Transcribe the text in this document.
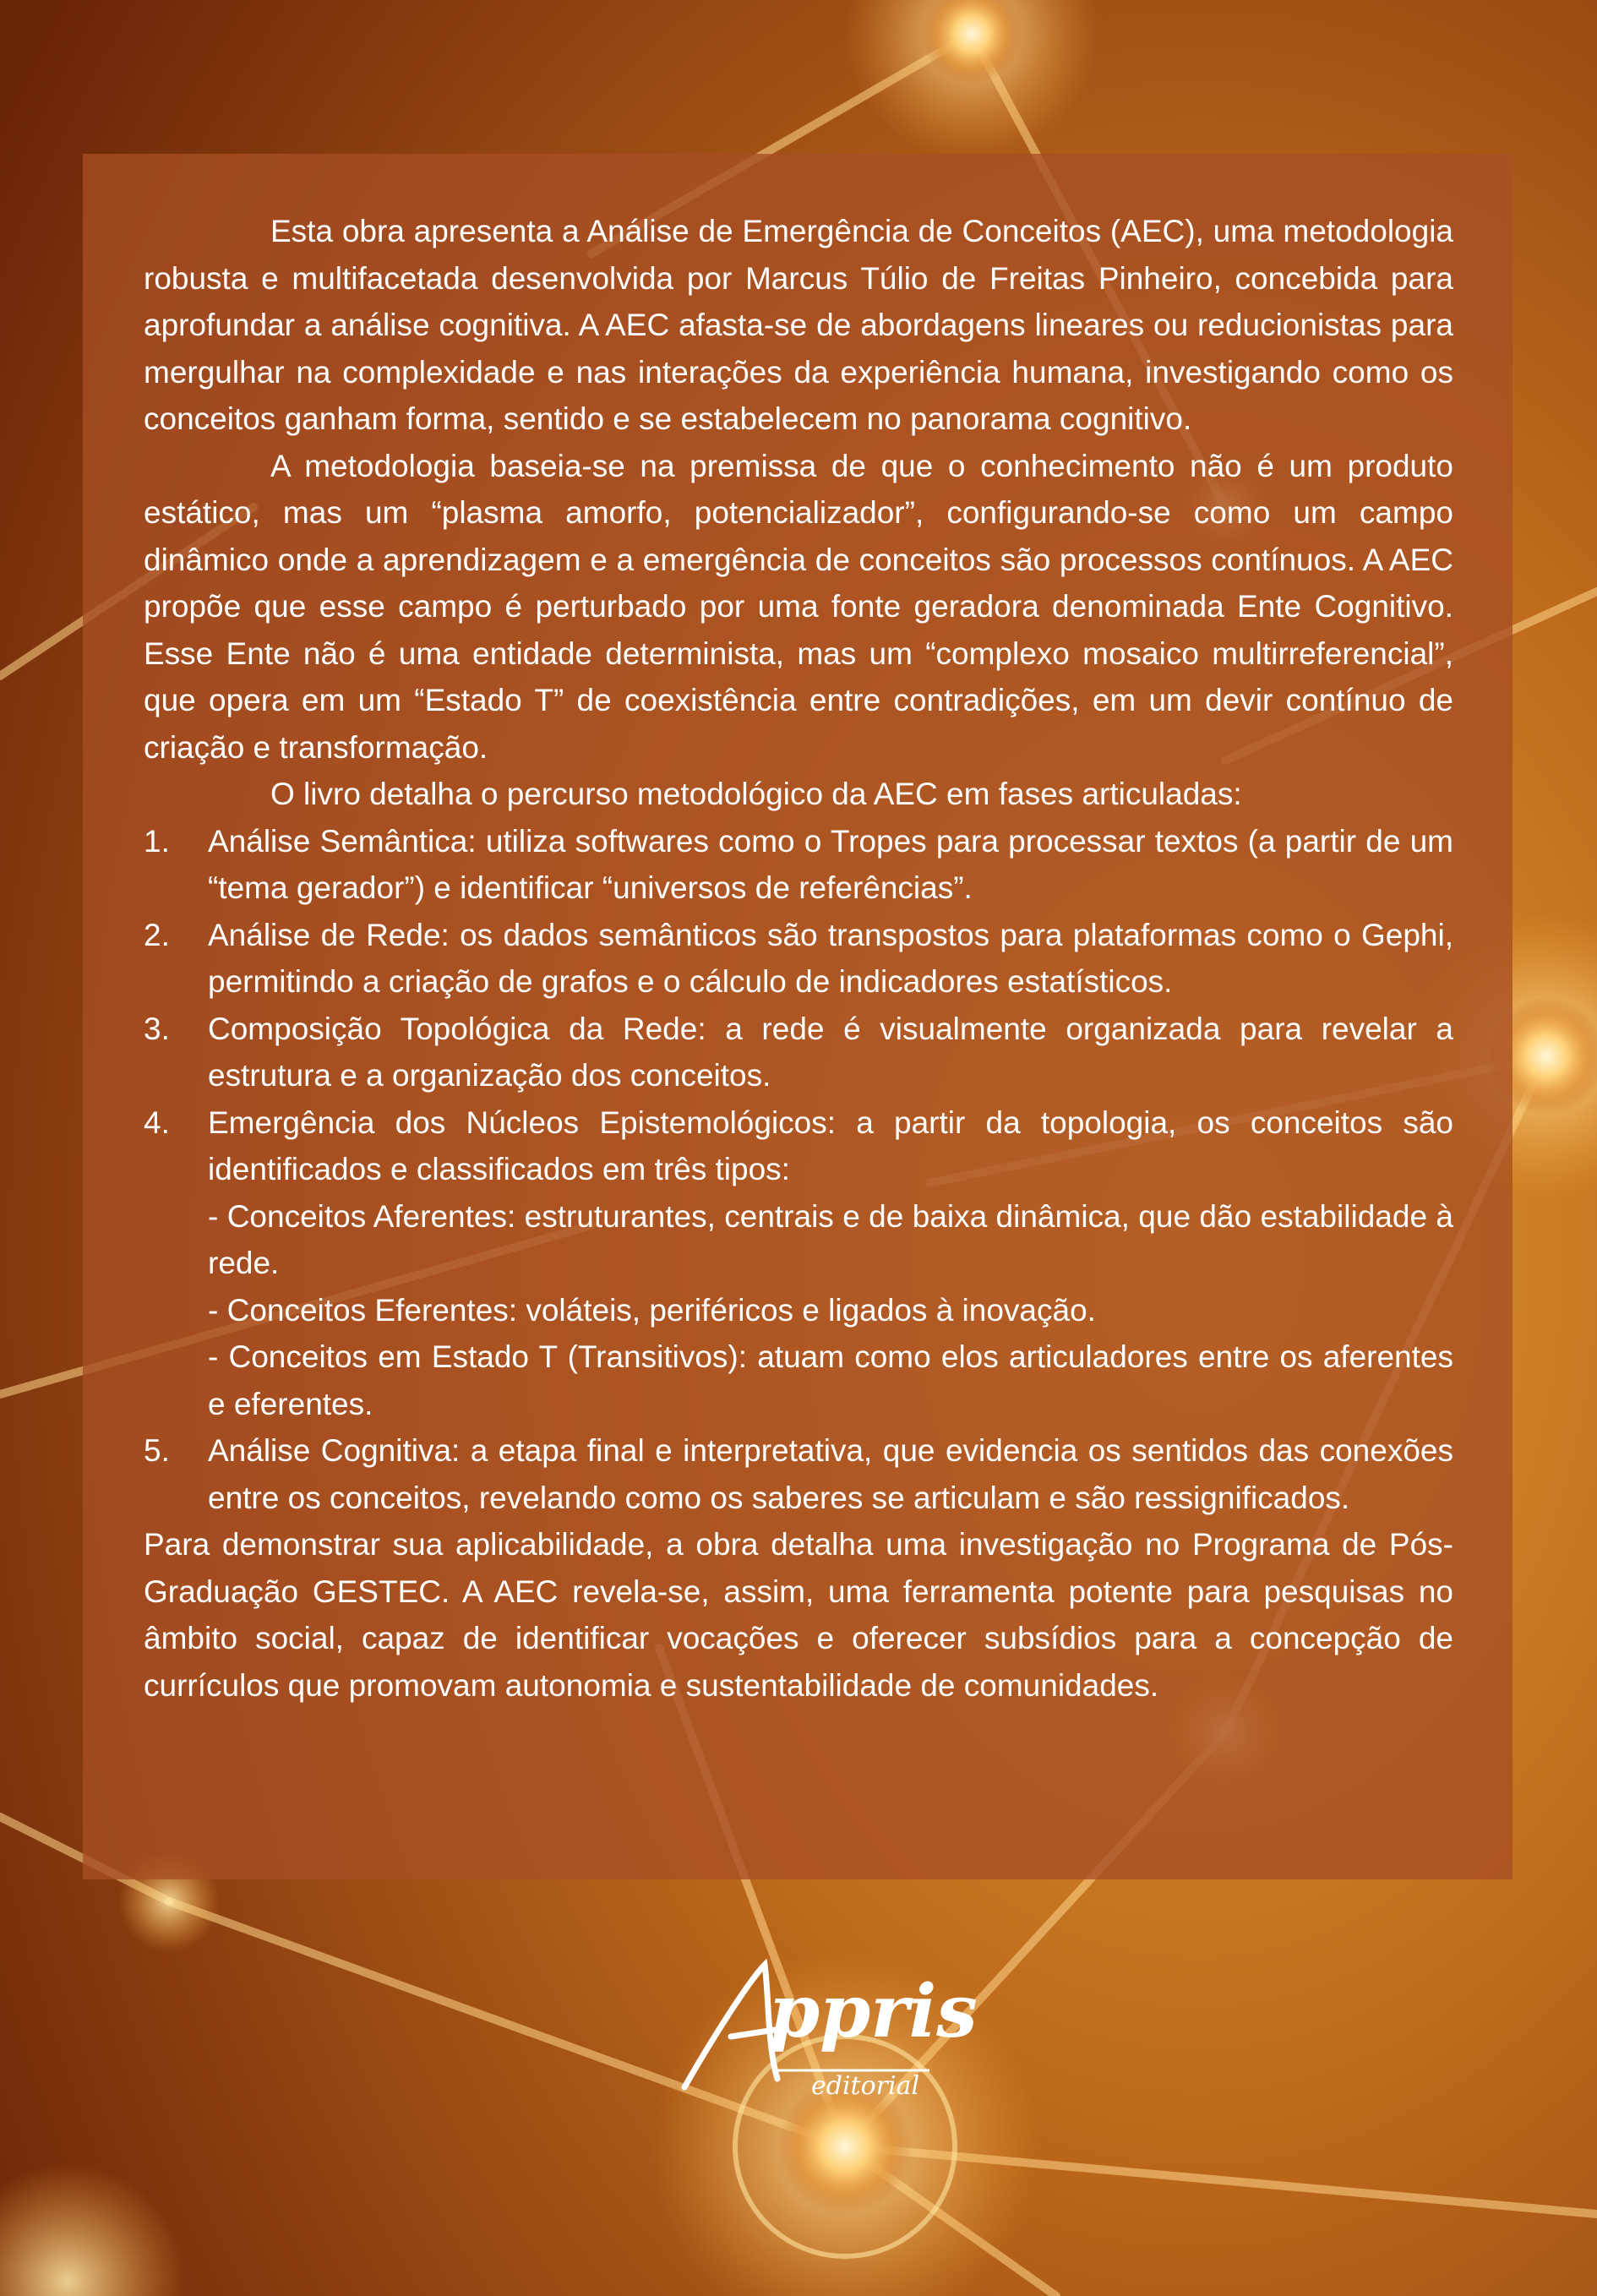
Esta obra apresenta a Análise de Emergência de Conceitos (AEC), uma metodologia robusta e multifacetada desenvolvida por Marcus Túlio de Freitas Pinheiro, concebida para aprofundar a análise cognitiva. A AEC afasta-se de abordagens lineares ou reducionistas para mergulhar na complexidade e nas interações da experiência humana, investigando como os conceitos ganham forma, sentido e se estabelecem no panorama cognitivo.

A metodologia baseia-se na premissa de que o conhecimento não é um produto estático, mas um “plasma amorfo, potencializador”, configurando-se como um campo dinâmico onde a aprendizagem e a emergência de conceitos são processos contínuos. A AEC propõe que esse campo é perturbado por uma fonte geradora denominada Ente Cognitivo. Esse Ente não é uma entidade determinista, mas um “complexo mosaico multirreferencial”, que opera em um “Estado T” de coexistência entre contradições, em um devir contínuo de criação e transformação.

O livro detalha o percurso metodológico da AEC em fases articuladas:

1. Análise Semântica: utiliza softwares como o Tropes para processar textos (a partir de um “tema gerador”) e identificar “universos de referências”.
2. Análise de Rede: os dados semânticos são transpostos para plataformas como o Gephi, permitindo a criação de grafos e o cálculo de indicadores estatísticos.
3. Composição Topológica da Rede: a rede é visualmente organizada para revelar a estrutura e a organização dos conceitos.
4. Emergência dos Núcleos Epistemológicos: a partir da topologia, os conceitos são identificados e classificados em três tipos:
- Conceitos Aferentes: estruturantes, centrais e de baixa dinâmica, que dão estabilidade à rede.
- Conceitos Eferentes: voláteis, periféricos e ligados à inovação.
- Conceitos em Estado T (Transitivos): atuam como elos articuladores entre os aferentes e eferentes.
5. Análise Cognitiva: a etapa final e interpretativa, que evidencia os sentidos das conexões entre os conceitos, revelando como os saberes se articulam e são ressignificados.

Para demonstrar sua aplicabilidade, a obra detalha uma investigação no Programa de Pós-Graduação GESTEC. A AEC revela-se, assim, uma ferramenta potente para pesquisas no âmbito social, capaz de identificar vocações e oferecer subsídios para a concepção de currículos que promovam autonomia e sustentabilidade de comunidades.

ppris
editorial
